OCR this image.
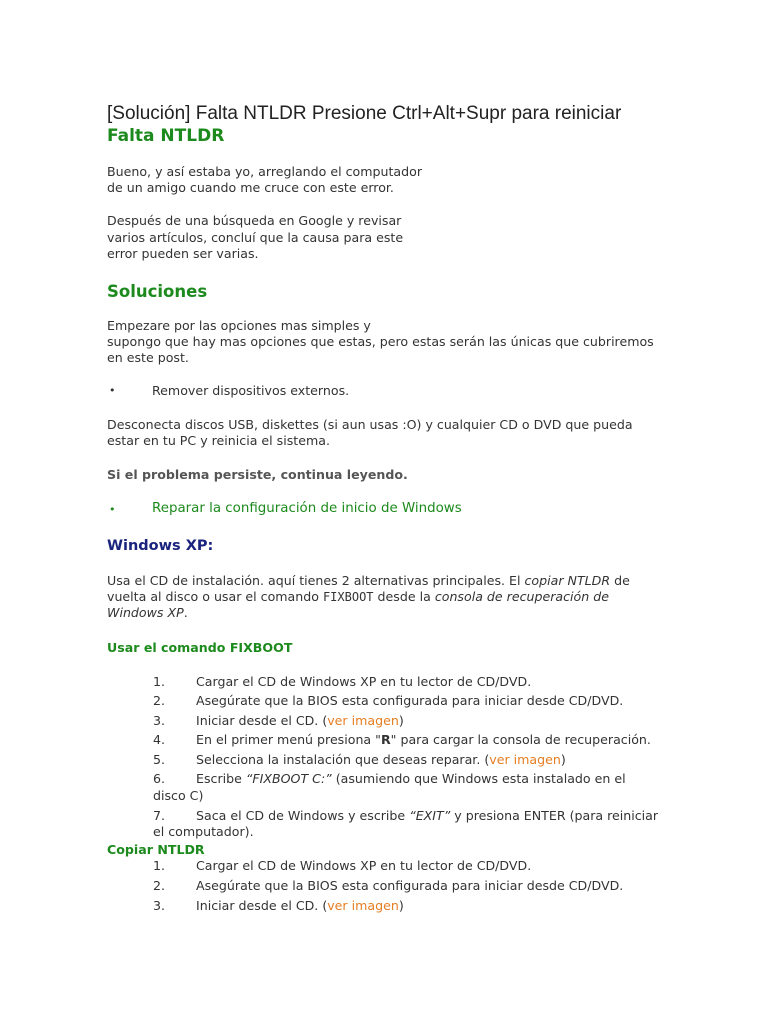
[Solución] Falta NTLDR Presione Ctrl+Alt+Supr para reiniciar
Falta NTLDR
Bueno, y así estaba yo, arreglando el computador
de un amigo cuando me cruce con este error.
Después de una búsqueda en Google y revisar
varios artículos, concluí que la causa para este
error pueden ser varias.
Soluciones
Empezare por las opciones mas simples y
supongo que hay mas opciones que estas, pero estas serán las únicas que cubriremos
en este post.
•	Remover dispositivos externos.
Desconecta discos USB, diskettes (si aun usas :O) y cualquier CD o DVD que pueda
estar en tu PC y reinicia el sistema.
Si el problema persiste, continua leyendo.
•	Reparar la configuración de inicio de Windows
Windows XP:
Usa el CD de instalación. aquí tienes 2 alternativas principales. El copiar NTLDR de
vuelta al disco o usar el comando FIXBOOT desde la consola de recuperación de
Windows XP.
Usar el comando FIXBOOT
1. Cargar el CD de Windows XP en tu lector de CD/DVD.
2. Asegúrate que la BIOS esta configurada para iniciar desde CD/DVD.
3. Iniciar desde el CD. (ver imagen)
4. En el primer menú presiona "R" para cargar la consola de recuperación.
5. Selecciona la instalación que deseas reparar. (ver imagen)
6. Escribe “FIXBOOT C:” (asumiendo que Windows esta instalado en el
disco C)
7. Saca el CD de Windows y escribe “EXIT” y presiona ENTER (para reiniciar
el computador).
Copiar NTLDR
1. Cargar el CD de Windows XP en tu lector de CD/DVD.
2. Asegúrate que la BIOS esta configurada para iniciar desde CD/DVD.
3. Iniciar desde el CD. (ver imagen)
